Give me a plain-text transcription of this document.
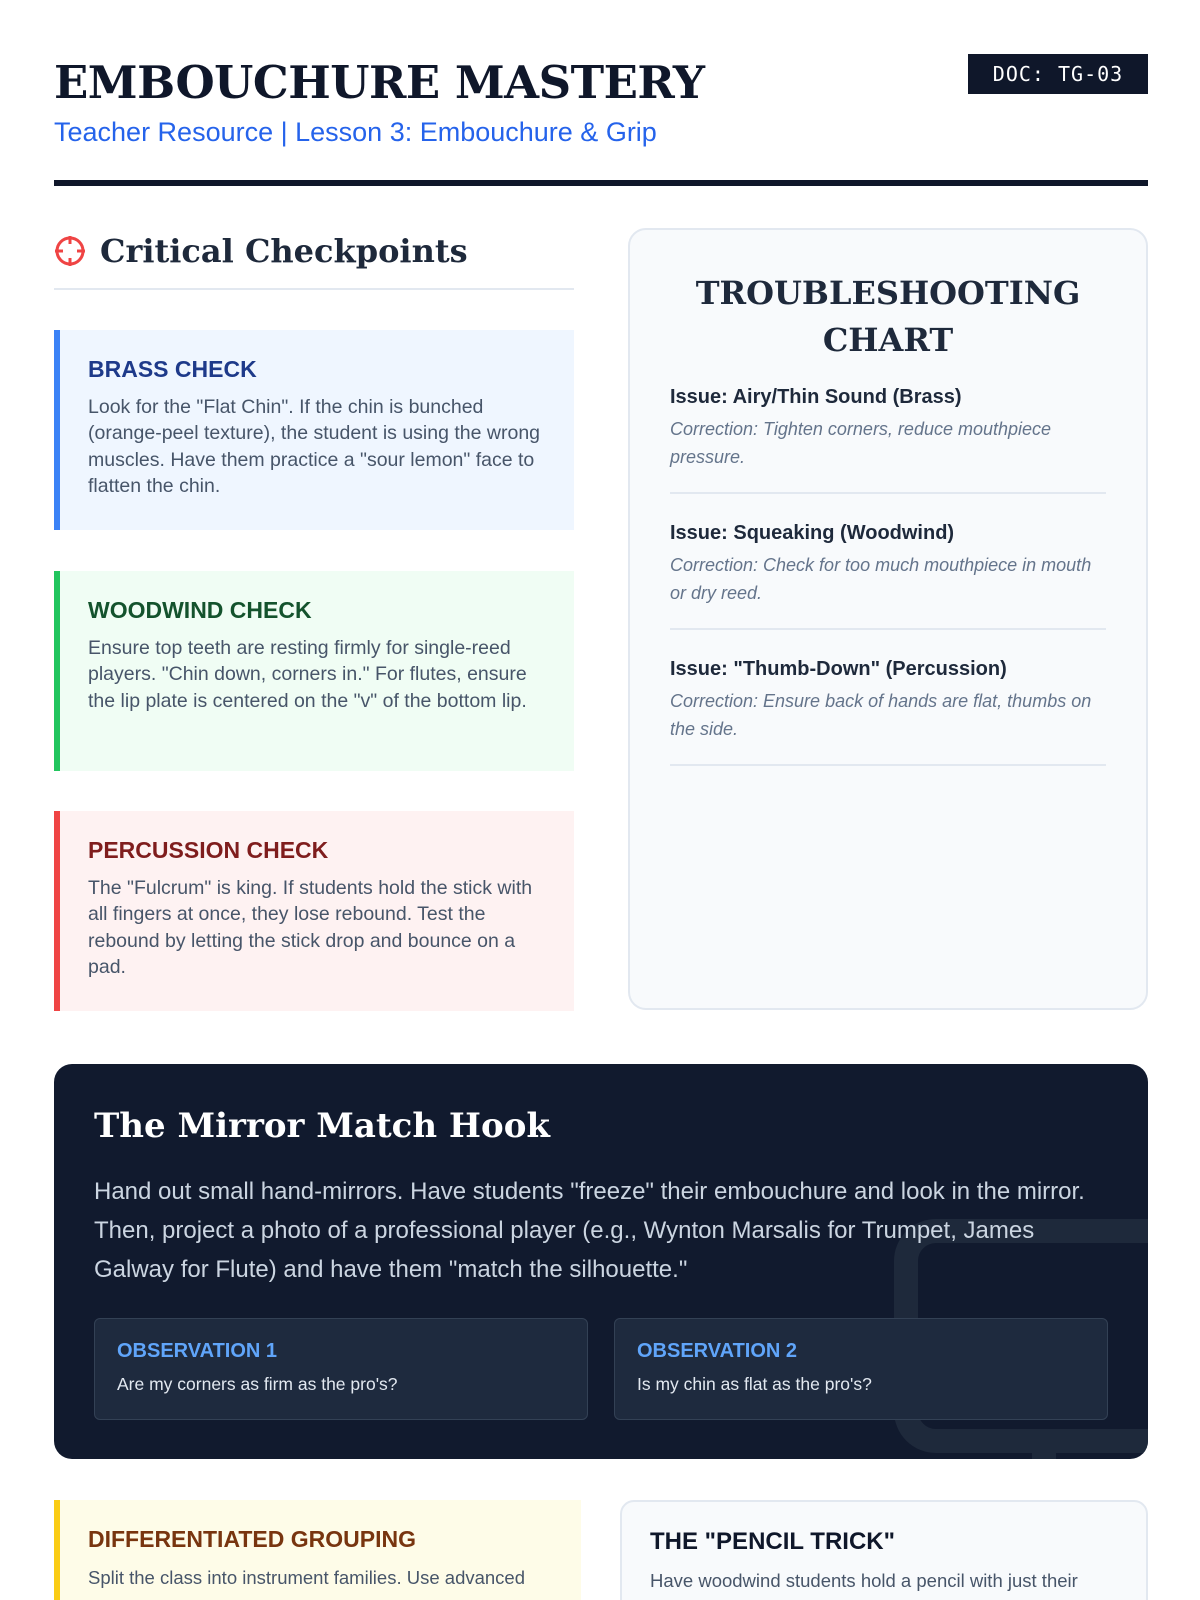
EMBOUCHURE MASTERY
Teacher Resource | Lesson 3: Embouchure & Grip
DOC: TG-03
Critical Checkpoints
BRASS CHECK
Look for the "Flat Chin". If the chin is bunched (orange-peel texture), the student is using the wrong muscles. Have them practice a "sour lemon" face to flatten the chin.
WOODWIND CHECK
Ensure top teeth are resting firmly for single-reed players. "Chin down, corners in." For flutes, ensure the lip plate is centered on the "v" of the bottom lip.
PERCUSSION CHECK
The "Fulcrum" is king. If students hold the stick with all fingers at once, they lose rebound. Test the rebound by letting the stick drop and bounce on a pad.
TROUBLESHOOTING CHART
Issue: Airy/Thin Sound (Brass)
Correction: Tighten corners, reduce mouthpiece pressure.
Issue: Squeaking (Woodwind)
Correction: Check for too much mouthpiece in mouth or dry reed.
Issue: "Thumb-Down" (Percussion)
Correction: Ensure back of hands are flat, thumbs on the side.
The Mirror Match Hook

Hand out small hand-mirrors. Have students "freeze" their embouchure and look in the mirror. Then, project a photo of a professional player (e.g., Wynton Marsalis for Trumpet, James Galway for Flute) and have them "match the silhouette."

OBSERVATION 1
Are my corners as firm as the pro's?
OBSERVATION 2
Is my chin as flat as the pro's?
DIFFERENTIATED GROUPING
Split the class into instrument families. Use advanced
THE "PENCIL TRICK"
Have woodwind students hold a pencil with just their
